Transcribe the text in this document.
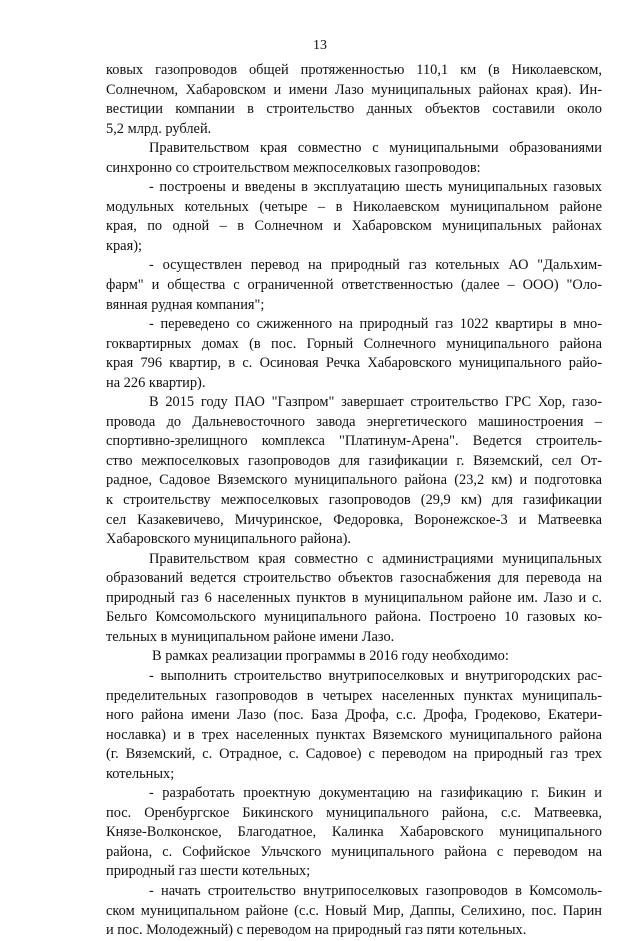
13
ковых газопроводов общей протяженностью 110,1 км (в Николаевском,
Солнечном, Хабаровском и имени Лазо муниципальных районах края). Ин-
вестиции компании в строительство данных объектов составили около
5,2 млрд. рублей.
Правительством края совместно с муниципальными образованиями
синхронно со строительством межпоселковых газопроводов:
- построены и введены в эксплуатацию шесть муниципальных газовых
модульных котельных (четыре – в Николаевском муниципальном районе
края, по одной – в Солнечном и Хабаровском муниципальных районах
края);
- осуществлен перевод на природный газ котельных АО "Дальхим-
фарм" и общества с ограниченной ответственностью (далее – ООО) "Оло-
вянная рудная компания";
- переведено со сжиженного на природный газ 1022 квартиры в мно-
гоквартирных домах (в пос. Горный Солнечного муниципального района
края 796 квартир, в с. Осиновая Речка Хабаровского муниципального райо-
на 226 квартир).
В 2015 году ПАО "Газпром" завершает строительство ГРС Хор, газо-
провода до Дальневосточного завода энергетического машиностроения –
спортивно-зрелищного комплекса "Платинум-Арена". Ведется строитель-
ство межпоселковых газопроводов для газификации г. Вяземский, сел От-
радное, Садовое Вяземского муниципального района (23,2 км) и подготовка
к строительству межпоселковых газопроводов (29,9 км) для газификации
сел Казакевичево, Мичуринское, Федоровка, Воронежское-3 и Матвеевка
Хабаровского муниципального района).
Правительством края совместно с администрациями муниципальных
образований ведется строительство объектов газоснабжения для перевода на
природный газ 6 населенных пунктов в муниципальном районе им. Лазо и с.
Бельго Комсомольского муниципального района. Построено 10 газовых ко-
тельных в муниципальном районе имени Лазо.
В рамках реализации программы в 2016 году необходимо:
- выполнить строительство внутрипоселковых и внутригородских рас-
пределительных газопроводов в четырех населенных пунктах муниципаль-
ного района имени Лазо (пос. База Дрофа, с.с. Дрофа, Гродеково, Екатери-
нославка) и в трех населенных пунктах Вяземского муниципального района
(г. Вяземский, с. Отрадное, с. Садовое) с переводом на природный газ трех
котельных;
- разработать проектную документацию на газификацию г. Бикин и
пос. Оренбургское Бикинского муниципального района, с.с. Матвеевка,
Князе-Волконское, Благодатное, Калинка Хабаровского муниципального
района, с. Софийское Ульчского муниципального района с переводом на
природный газ шести котельных;
- начать строительство внутрипоселковых газопроводов в Комсомоль-
ском муниципальном районе (с.с. Новый Мир, Даппы, Селихино, пос. Парин
и пос. Молодежный) с переводом на природный газ пяти котельных.
